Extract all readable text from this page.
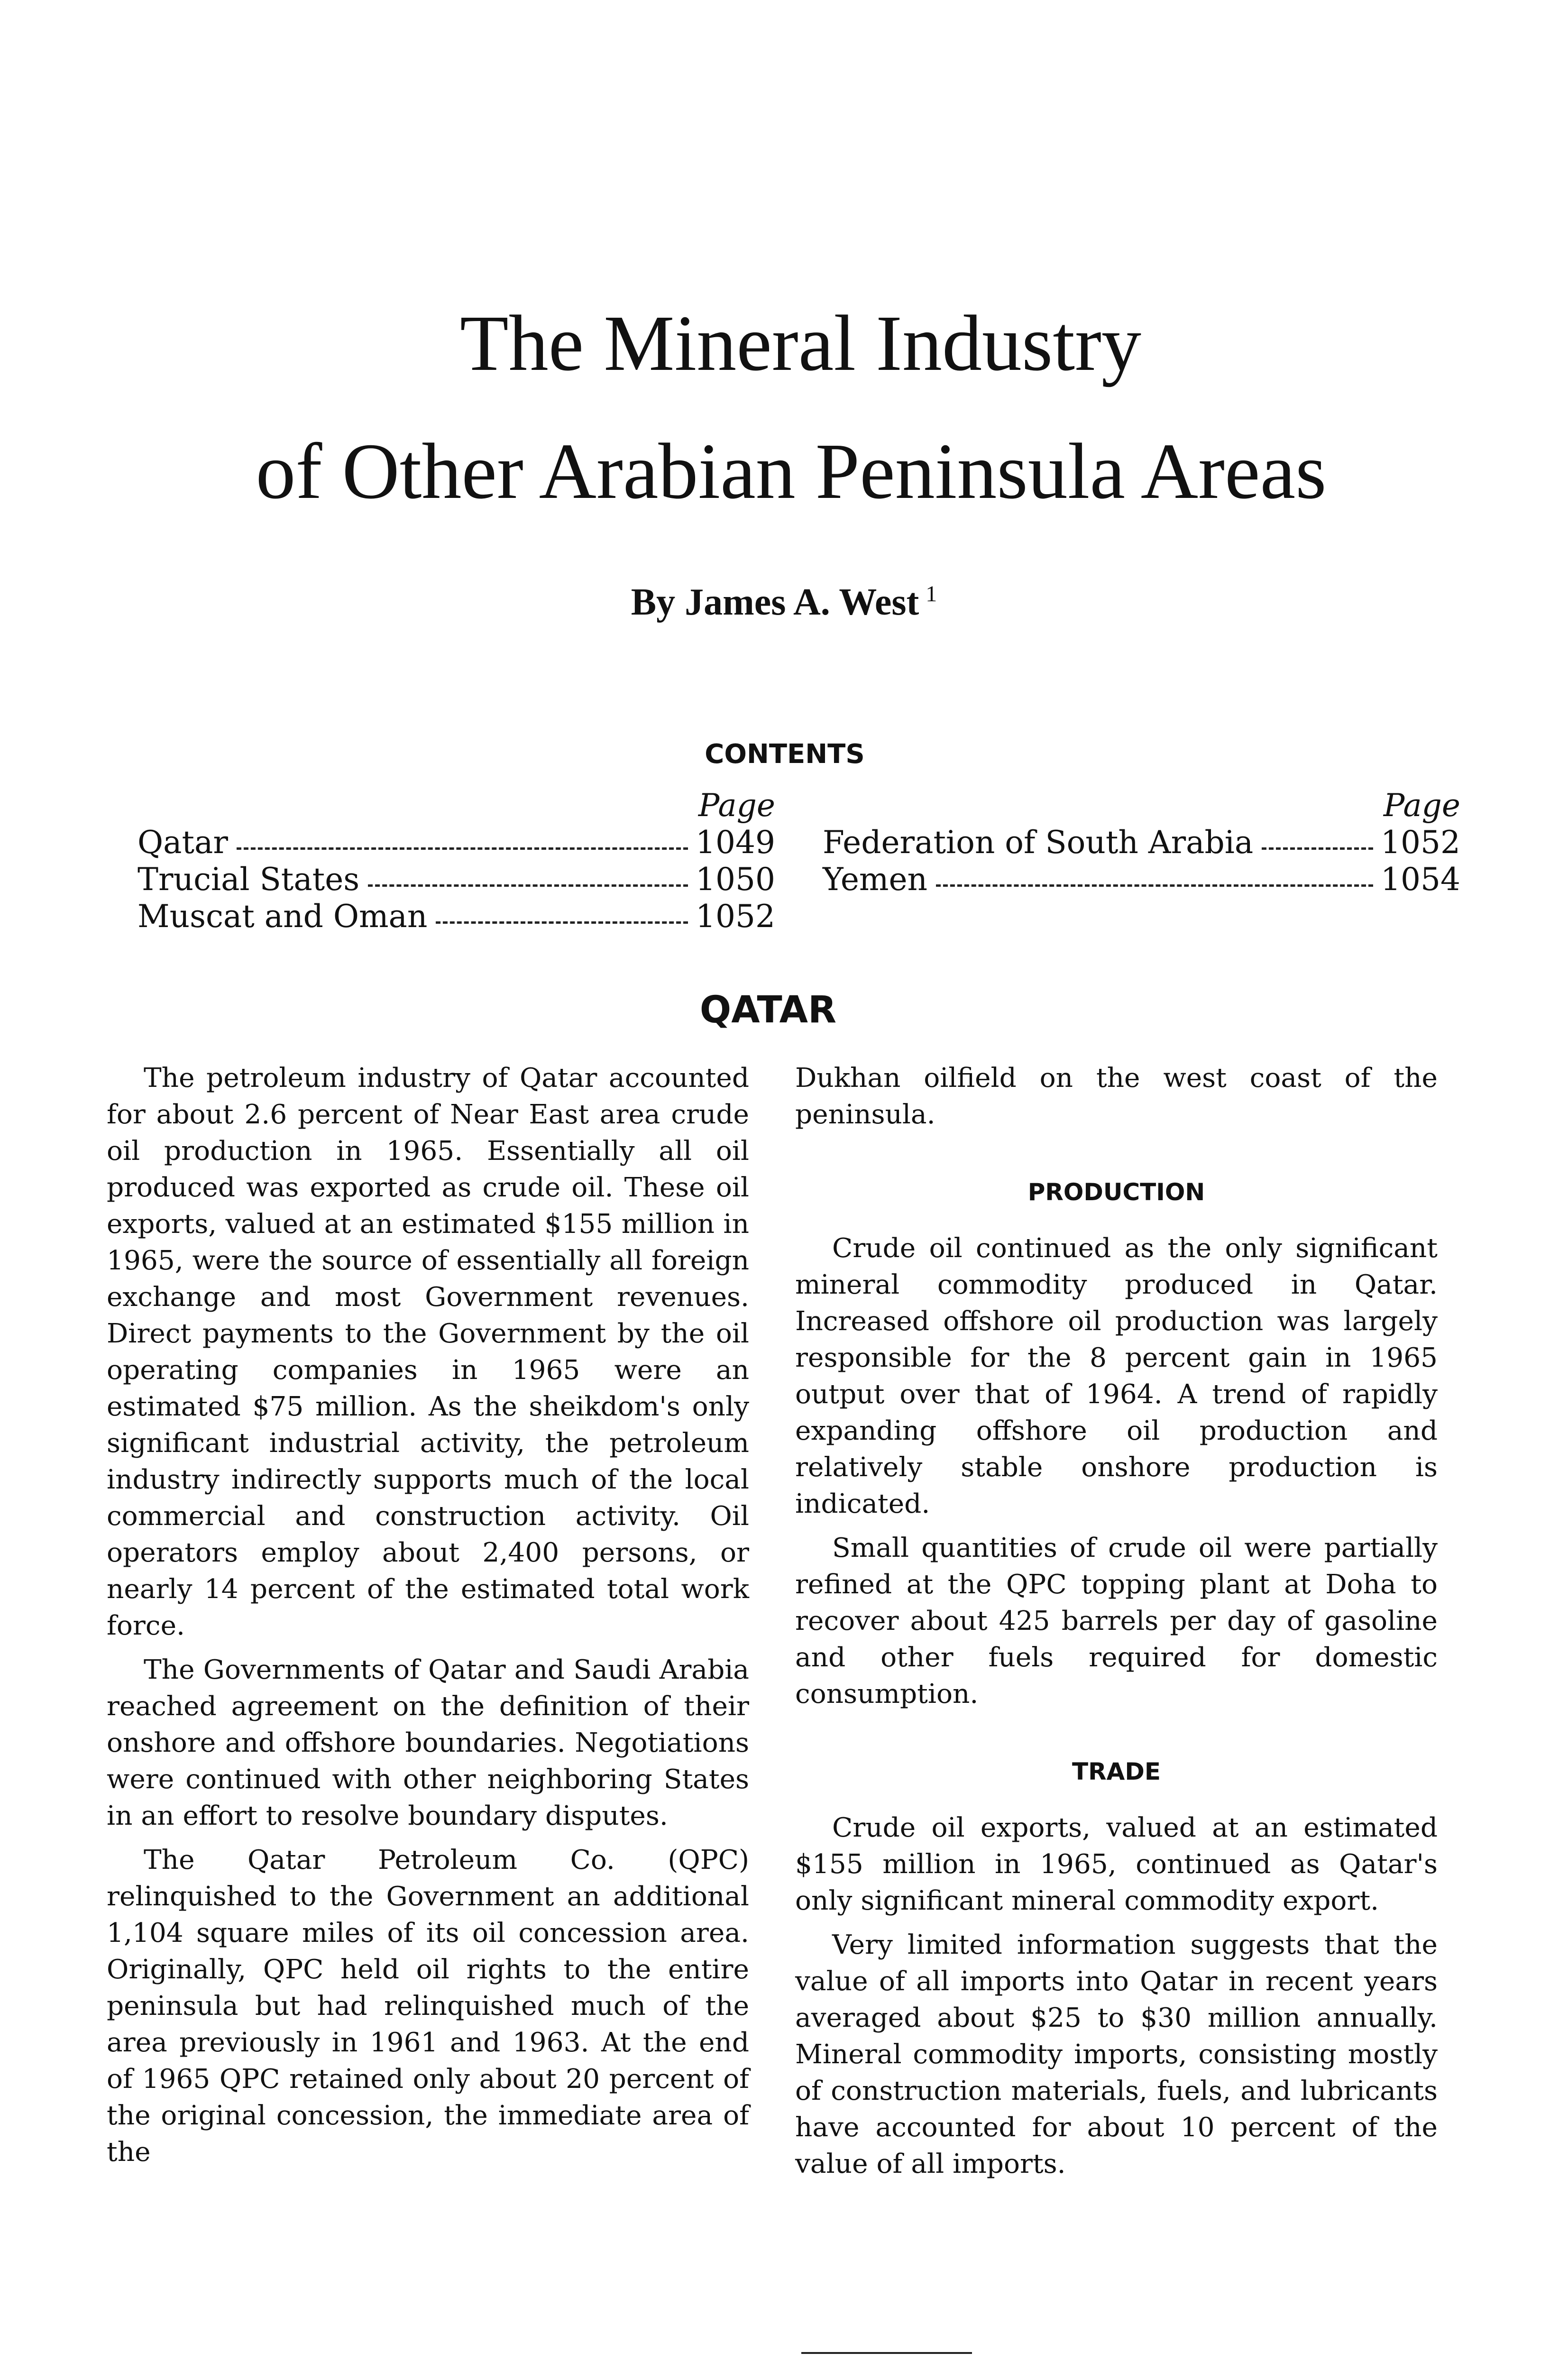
The Mineral Industry
of Other Arabian Peninsula Areas
By James A. West $^1$
CONTENTS
Page
Qatar	1049
Trucial States	1050
Muscat and Oman	1052
Page
Federation of South Arabia	1052
Yemen	1054
QATAR

The petroleum industry of Qatar accounted for about 2.6 percent of Near East area crude oil production in 1965. Essentially all oil produced was exported as crude oil. These oil exports, valued at an estimated $155 million in 1965, were the source of essentially all foreign exchange and most Government revenues. Direct payments to the Government by the oil operating companies in 1965 were an estimated $75 million. As the sheikdom's only significant industrial activity, the petroleum industry indirectly supports much of the local commercial and construction activity. Oil operators employ about 2,400 persons, or nearly 14 percent of the estimated total work force.

The Governments of Qatar and Saudi Arabia reached agreement on the definition of their onshore and offshore boundaries. Negotiations were continued with other neighboring States in an effort to resolve boundary disputes.

The Qatar Petroleum Co. (QPC) relinquished to the Government an additional 1,104 square miles of its oil concession area. Originally, QPC held oil rights to the entire peninsula but had relinquished much of the area previously in 1961 and 1963. At the end of 1965 QPC retained only about 20 percent of the original concession, the immediate area of the

Dukhan oilfield on the west coast of the peninsula.

PRODUCTION

Crude oil continued as the only significant mineral commodity produced in Qatar. Increased offshore oil production was largely responsible for the 8 percent gain in 1965 output over that of 1964. A trend of rapidly expanding offshore oil production and relatively stable onshore production is indicated.

Small quantities of crude oil were partially refined at the QPC topping plant at Doha to recover about 425 barrels per day of gasoline and other fuels required for domestic consumption.

TRADE

Crude oil exports, valued at an estimated $155 million in 1965, continued as Qatar's only significant mineral commodity export.

Very limited information suggests that the value of all imports into Qatar in recent years averaged about $25 to $30 million annually. Mineral commodity imports, consisting mostly of construction materials, fuels, and lubricants have accounted for about 10 percent of the value of all imports.
